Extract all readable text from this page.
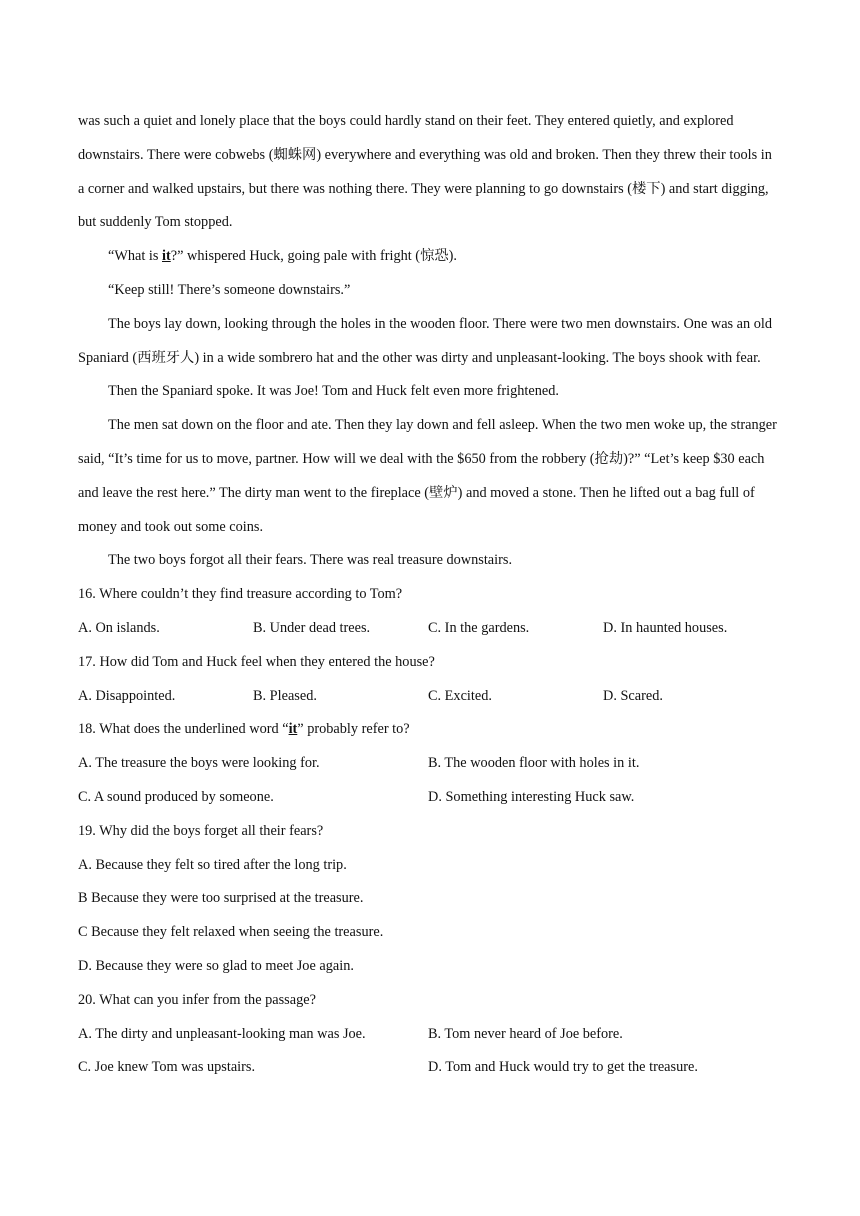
was such a quiet and lonely place that the boys could hardly stand on their feet. They entered quietly, and explored downstairs. There were cobwebs (蜘蛛网) everywhere and everything was old and broken. Then they threw their tools in a corner and walked upstairs, but there was nothing there. They were planning to go downstairs (楼下) and start digging, but suddenly Tom stopped.

“What is it?” whispered Huck, going pale with fright (惊恐).

“Keep still! There’s someone downstairs.”

The boys lay down, looking through the holes in the wooden floor. There were two men downstairs. One was an old Spaniard (西班牙人) in a wide sombrero hat and the other was dirty and unpleasant-looking. The boys shook with fear.

Then the Spaniard spoke. It was Joe! Tom and Huck felt even more frightened.

The men sat down on the floor and ate. Then they lay down and fell asleep. When the two men woke up, the stranger said, “It’s time for us to move, partner. How will we deal with the $650 from the robbery (抢劫)?” “Let’s keep $30 each and leave the rest here.” The dirty man went to the fireplace (壁炉) and moved a stone. Then he lifted out a bag full of money and took out some coins.

The two boys forgot all their fears. There was real treasure downstairs.

16. Where couldn’t they find treasure according to Tom?

A. On islands.	B. Under dead trees.	C. In the gardens.	D. In haunted houses.

17. How did Tom and Huck feel when they entered the house?

A. Disappointed.	B. Pleased.	C. Excited.	D. Scared.

18. What does the underlined word “it” probably refer to?

A. The treasure the boys were looking for.	B. The wooden floor with holes in it.
C. A sound produced by someone.	D. Something interesting Huck saw.

19. Why did the boys forget all their fears?

A. Because they felt so tired after the long trip.

B Because they were too surprised at the treasure.

C Because they felt relaxed when seeing the treasure.

D. Because they were so glad to meet Joe again.

20. What can you infer from the passage?

A. The dirty and unpleasant-looking man was Joe.	B. Tom never heard of Joe before.
C. Joe knew Tom was upstairs.	D. Tom and Huck would try to get the treasure.
